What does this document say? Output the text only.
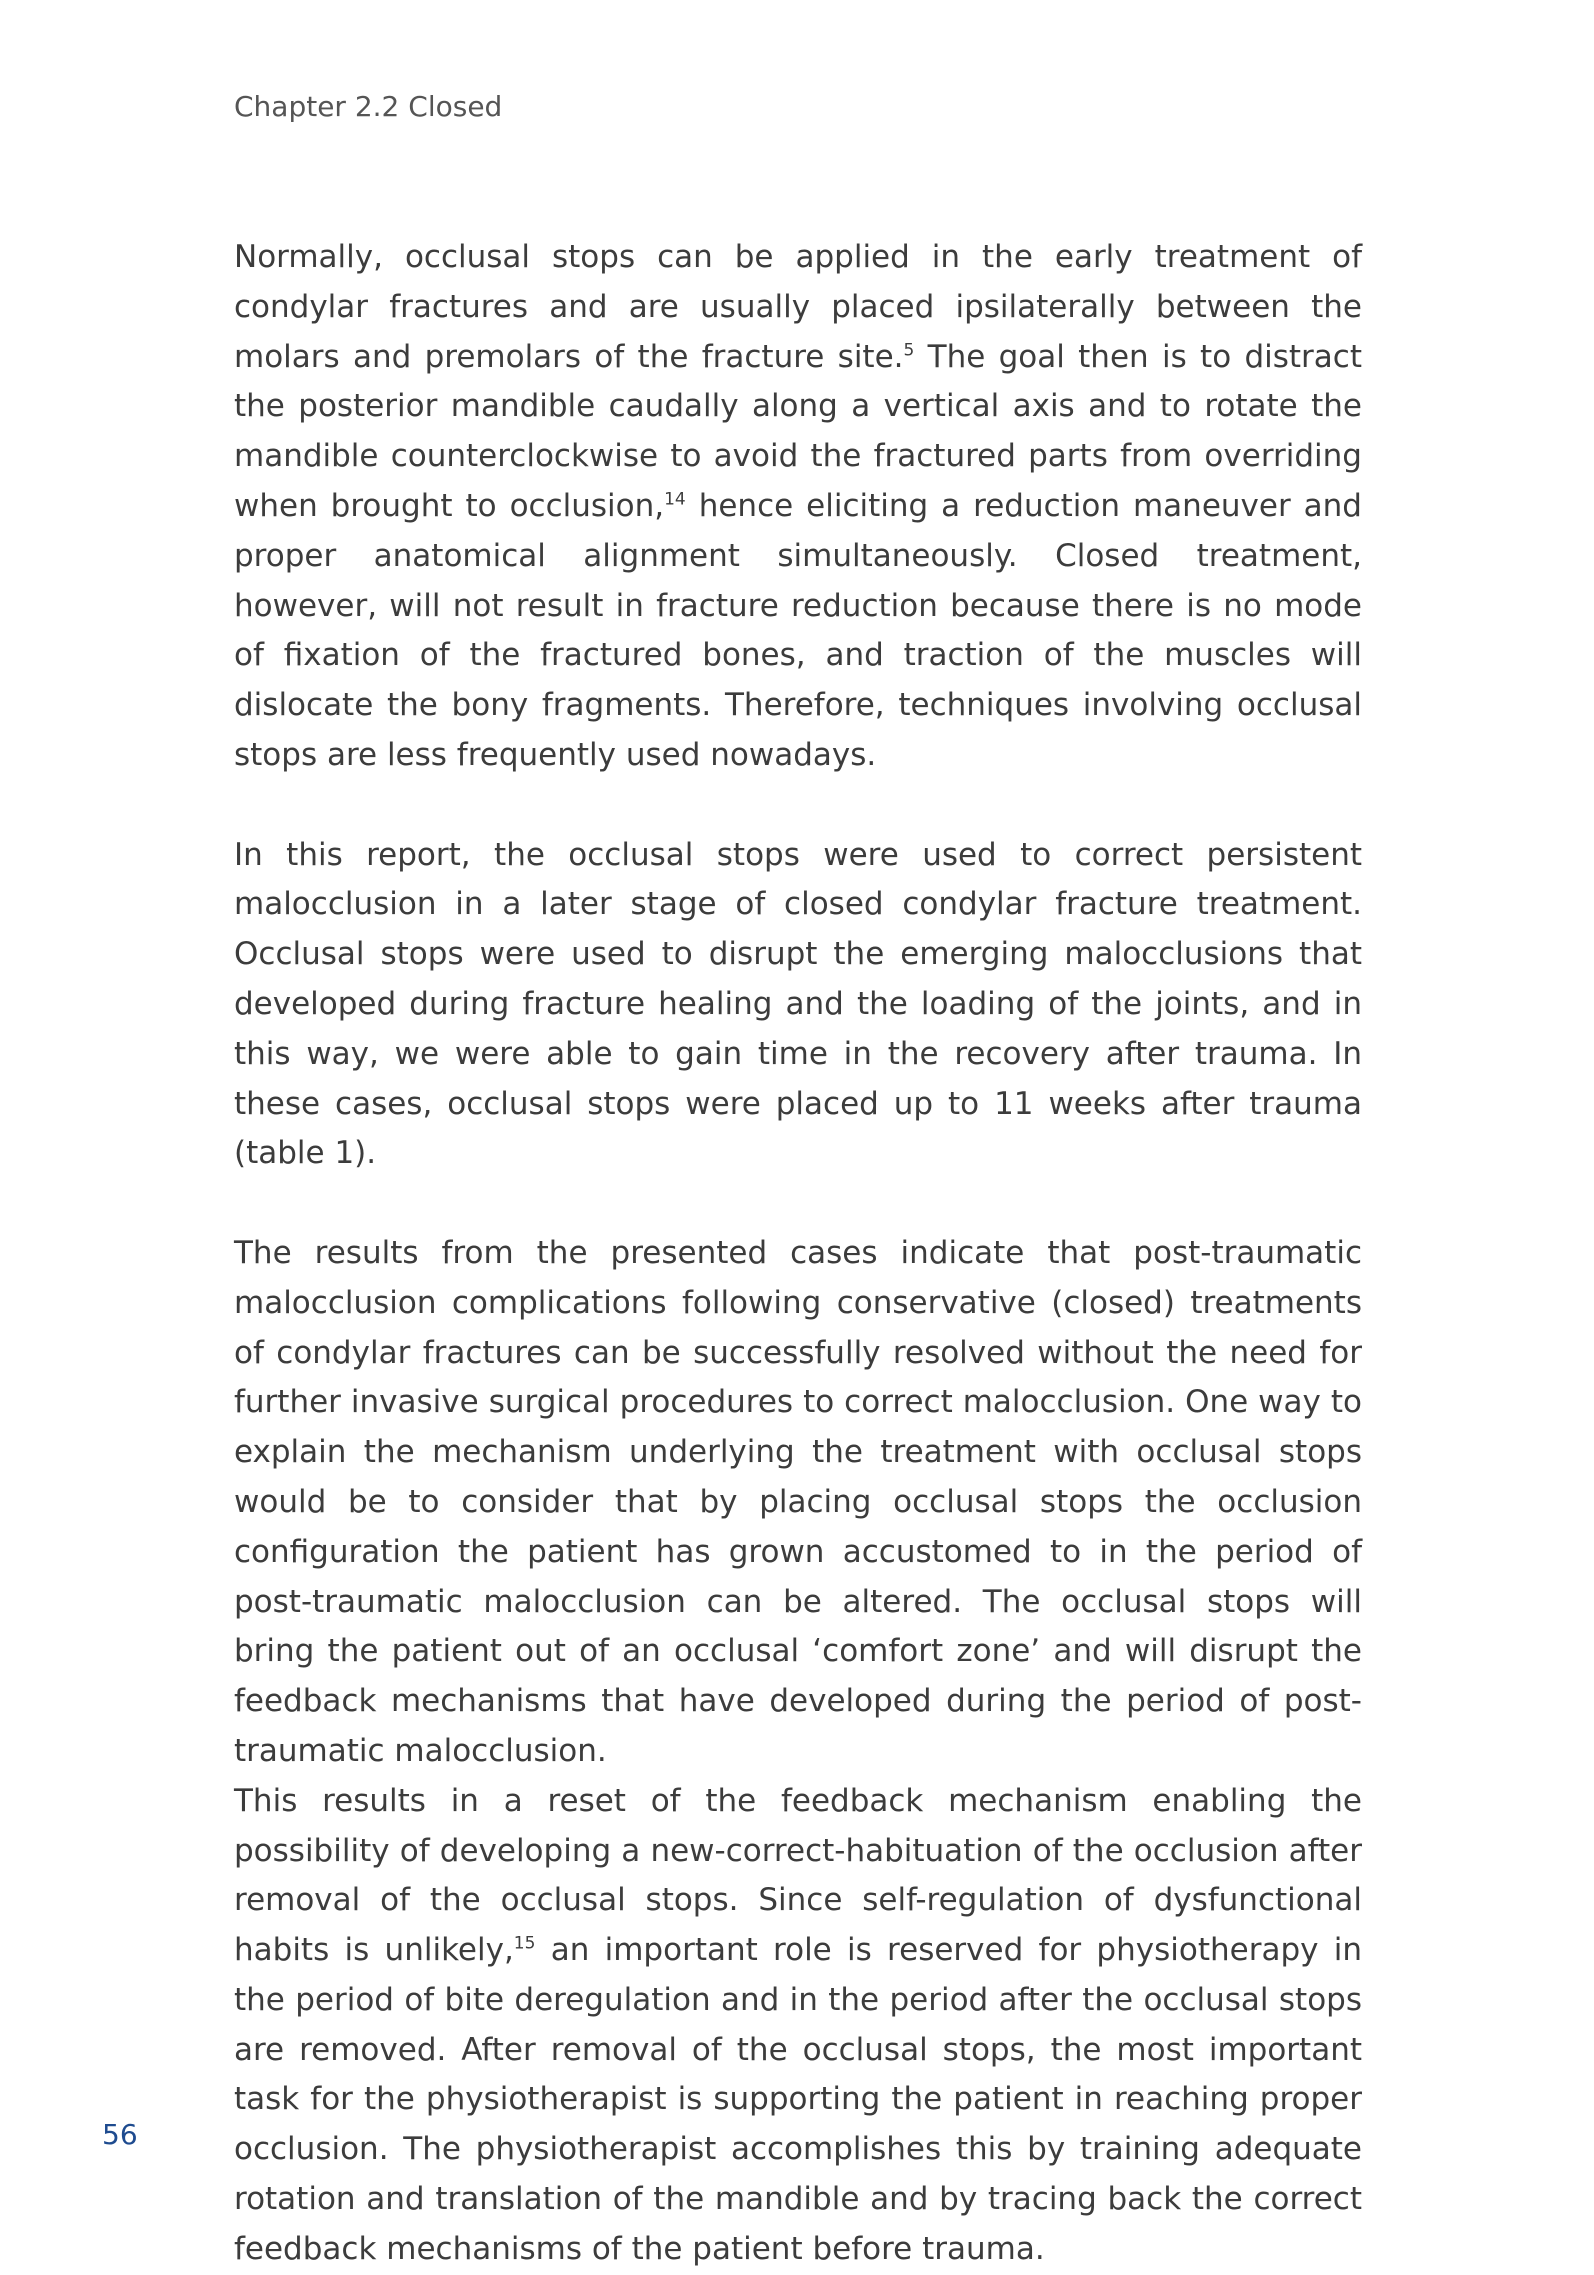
Chapter 2.2 Closed

Normally, occlusal stops can be applied in the early treatment of condylar fractures and are usually placed ipsilaterally between the molars and premolars of the fracture site.$^5$ The goal then is to distract the posterior mandible caudally along a vertical axis and to rotate the mandible counterclockwise to avoid the fractured parts from overriding when brought to occlusion,$^{14}$ hence eliciting a reduction maneuver and proper anatomical alignment simultaneously. Closed treatment, however, will not result in fracture reduction because there is no mode of fixation of the fractured bones, and traction of the muscles will dislocate the bony fragments. Therefore, techniques involving occlusal stops are less frequently used nowadays.

In this report, the occlusal stops were used to correct persistent malocclusion in a later stage of closed condylar fracture treatment. Occlusal stops were used to disrupt the emerging malocclusions that developed during fracture healing and the loading of the joints, and in this way, we were able to gain time in the recovery after trauma. In these cases, occlusal stops were placed up to 11 weeks after trauma (table 1).

The results from the presented cases indicate that post-traumatic malocclusion complications following conservative (closed) treatments of condylar fractures can be successfully resolved without the need for further invasive surgical procedures to correct malocclusion. One way to explain the mechanism underlying the treatment with occlusal stops would be to consider that by placing occlusal stops the occlusion configuration the patient has grown accustomed to in the period of post-traumatic malocclusion can be altered. The occlusal stops will bring the patient out of an occlusal ‘comfort zone’ and will disrupt the feedback mechanisms that have developed during the period of post-traumatic malocclusion.

This results in a reset of the feedback mechanism enabling the possibility of developing a new-correct-habituation of the occlusion after removal of the occlusal stops. Since self-regulation of dysfunctional habits is unlikely,$^{15}$ an important role is reserved for physiotherapy in the period of bite deregulation and in the period after the occlusal stops are removed. After removal of the occlusal stops, the most important task for the physiotherapist is supporting the patient in reaching proper occlusion. The physiotherapist accomplishes this by training adequate rotation and translation of the mandible and by tracing back the correct feedback mechanisms of the patient before trauma.

56
